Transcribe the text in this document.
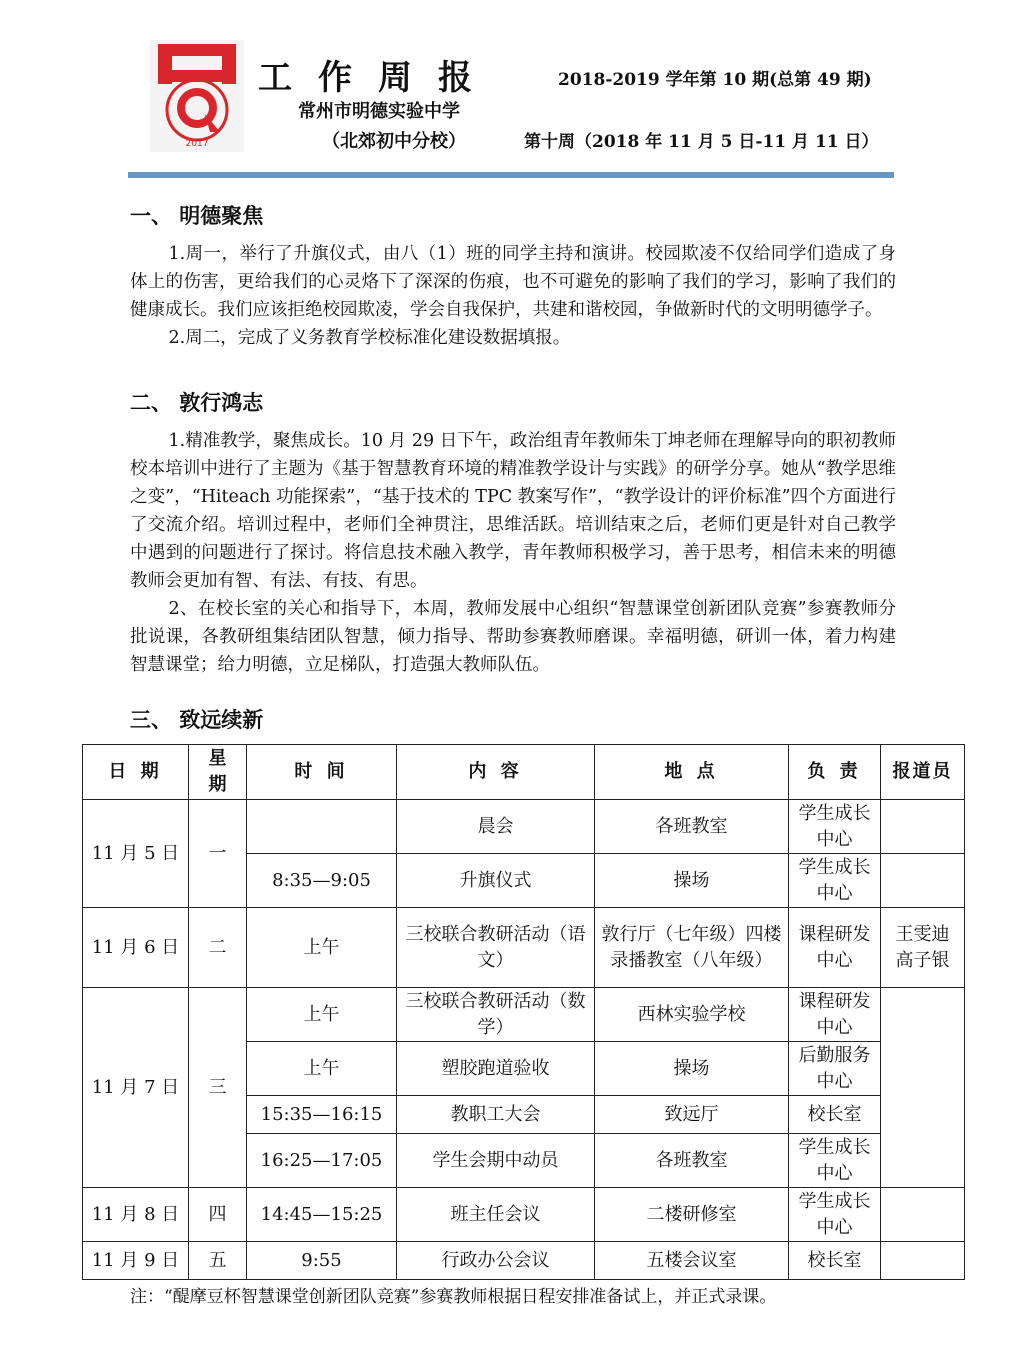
2017
工作周报	2018-2019 学年第 10 期(总第 49 期)
常州市明德实验中学
（北郊初中分校）	第十周（2018 年 11 月 5 日-11 月 11 日）
一、 明德聚焦

1.周一，举行了升旗仪式，由八（1）班的同学主持和演讲。校园欺凌不仅给同学们造成了身体上的伤害，更给我们的心灵烙下了深深的伤痕，也不可避免的影响了我们的学习，影响了我们的健康成长。我们应该拒绝校园欺凌，学会自我保护，共建和谐校园，争做新时代的文明明德学子。

2.周二，完成了义务教育学校标准化建设数据填报。

二、 敦行鸿志

1.精准教学，聚焦成长。10 月 29 日下午，政治组青年教师朱丁坤老师在理解导向的职初教师校本培训中进行了主题为《基于智慧教育环境的精准教学设计与实践》的研学分享。她从“教学思维之变”，“Hiteach 功能探索”，“基于技术的 TPC 教案写作”，“教学设计的评价标准”四个方面进行了交流介绍。培训过程中，老师们全神贯注，思维活跃。培训结束之后，老师们更是针对自己教学中遇到的问题进行了探讨。将信息技术融入教学，青年教师积极学习，善于思考，相信未来的明德教师会更加有智、有法、有技、有思。

2、在校长室的关心和指导下，本周，教师发展中心组织“智慧课堂创新团队竞赛”参赛教师分批说课，各教研组集结团队智慧，倾力指导、帮助参赛教师磨课。幸福明德，研训一体，着力构建智慧课堂；给力明德，立足梯队，打造强大教师队伍。

三、 致远续新
日 期	星期	时 间	内 容	地 点	负 责	报道员
11 月 5 日	一		晨会	各班教室	学生成长中心	
		8:35—9:05	升旗仪式	操场	学生成长中心	
11 月 6 日	二	上午	三校联合教研活动（语文）	敦行厅（七年级）四楼录播教室（八年级）	课程研发中心	王雯迪
高子银
11 月 7 日	三	上午	三校联合教研活动（数学）	西林实验学校	课程研发中心	
		上午	塑胶跑道验收	操场	后勤服务中心	
		15:35—16:15	教职工大会	致远厅	校长室	
		16:25—17:05	学生会期中动员	各班教室	学生成长中心	
11 月 8 日	四	14:45—15:25	班主任会议	二楼研修室	学生成长中心	
11 月 9 日	五	9:55	行政办公会议	五楼会议室	校长室	
注：“醍摩豆杯智慧课堂创新团队竞赛”参赛教师根据日程安排准备试上，并正式录课。
